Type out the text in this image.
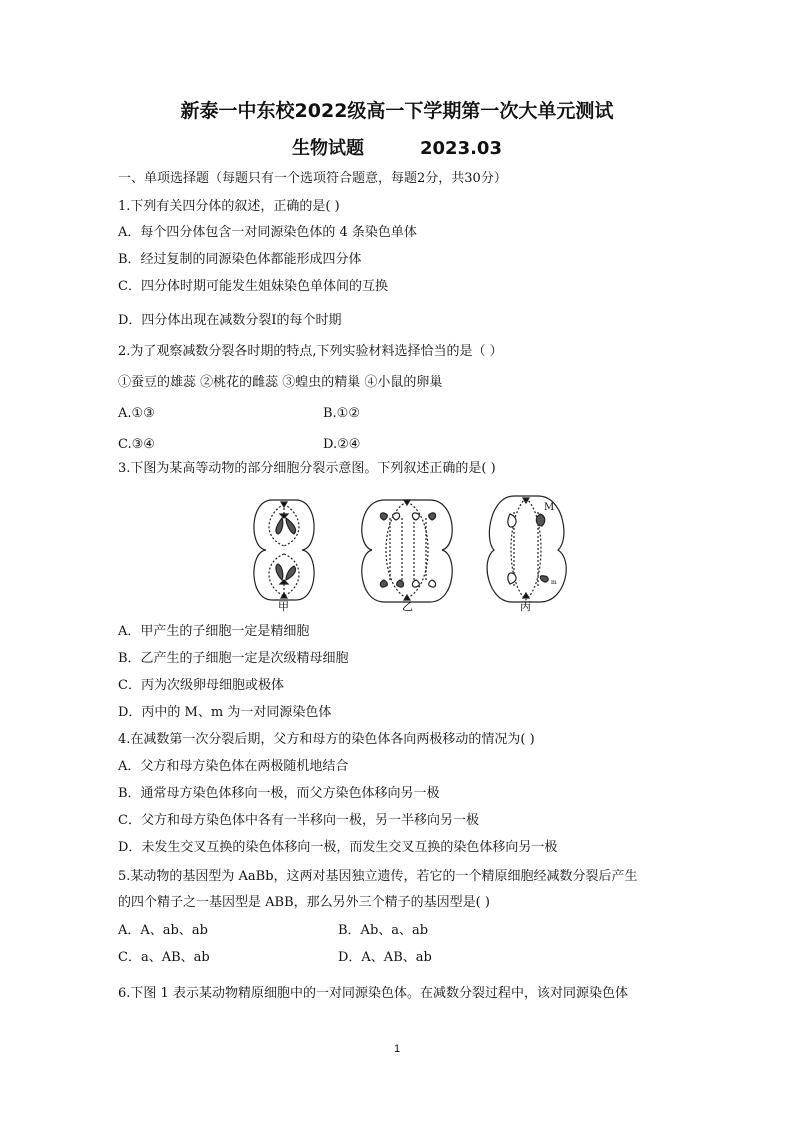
新泰一中东校2022级高一下学期第一次大单元测试
生物试题	2023.03
一、单项选择题（每题只有一个选项符合题意，每题2分，共30分）
1.下列有关四分体的叙述，正确的是( )
A．每个四分体包含一对同源染色体的 4 条染色单体
B．经过复制的同源染色体都能形成四分体
C．四分体时期可能发生姐妹染色单体间的互换
D．四分体出现在减数分裂Ⅰ的每个时期
2.为了观察减数分裂各时期的特点,下列实验材料选择恰当的是（ ）
①蚕豆的雄蕊 ②桃花的雌蕊 ③蝗虫的精巢 ④小鼠的卵巢
A.①③	B.①②
C.③④	D.②④
3.下图为某高等动物的部分细胞分裂示意图。下列叙述正确的是( )
M
m
甲	乙	丙
A．甲产生的子细胞一定是精细胞
B．乙产生的子细胞一定是次级精母细胞
C．丙为次级卵母细胞或极体
D．丙中的 M、m 为一对同源染色体
4.在减数第一次分裂后期，父方和母方的染色体各向两极移动的情况为( )
A．父方和母方染色体在两极随机地结合
B．通常母方染色体移向一极，而父方染色体移向另一极
C．父方和母方染色体中各有一半移向一极，另一半移向另一极
D．未发生交叉互换的染色体移向一极，而发生交叉互换的染色体移向另一极
5.某动物的基因型为 AaBb，这两对基因独立遗传，若它的一个精原细胞经减数分裂后产生
的四个精子之一基因型是 ABB，那么另外三个精子的基因型是( )
A．A、ab、ab	B．Ab、a、ab
C．a、AB、ab	D．A、AB、ab
6.下图 1 表示某动物精原细胞中的一对同源染色体。在减数分裂过程中，该对同源染色体
1
